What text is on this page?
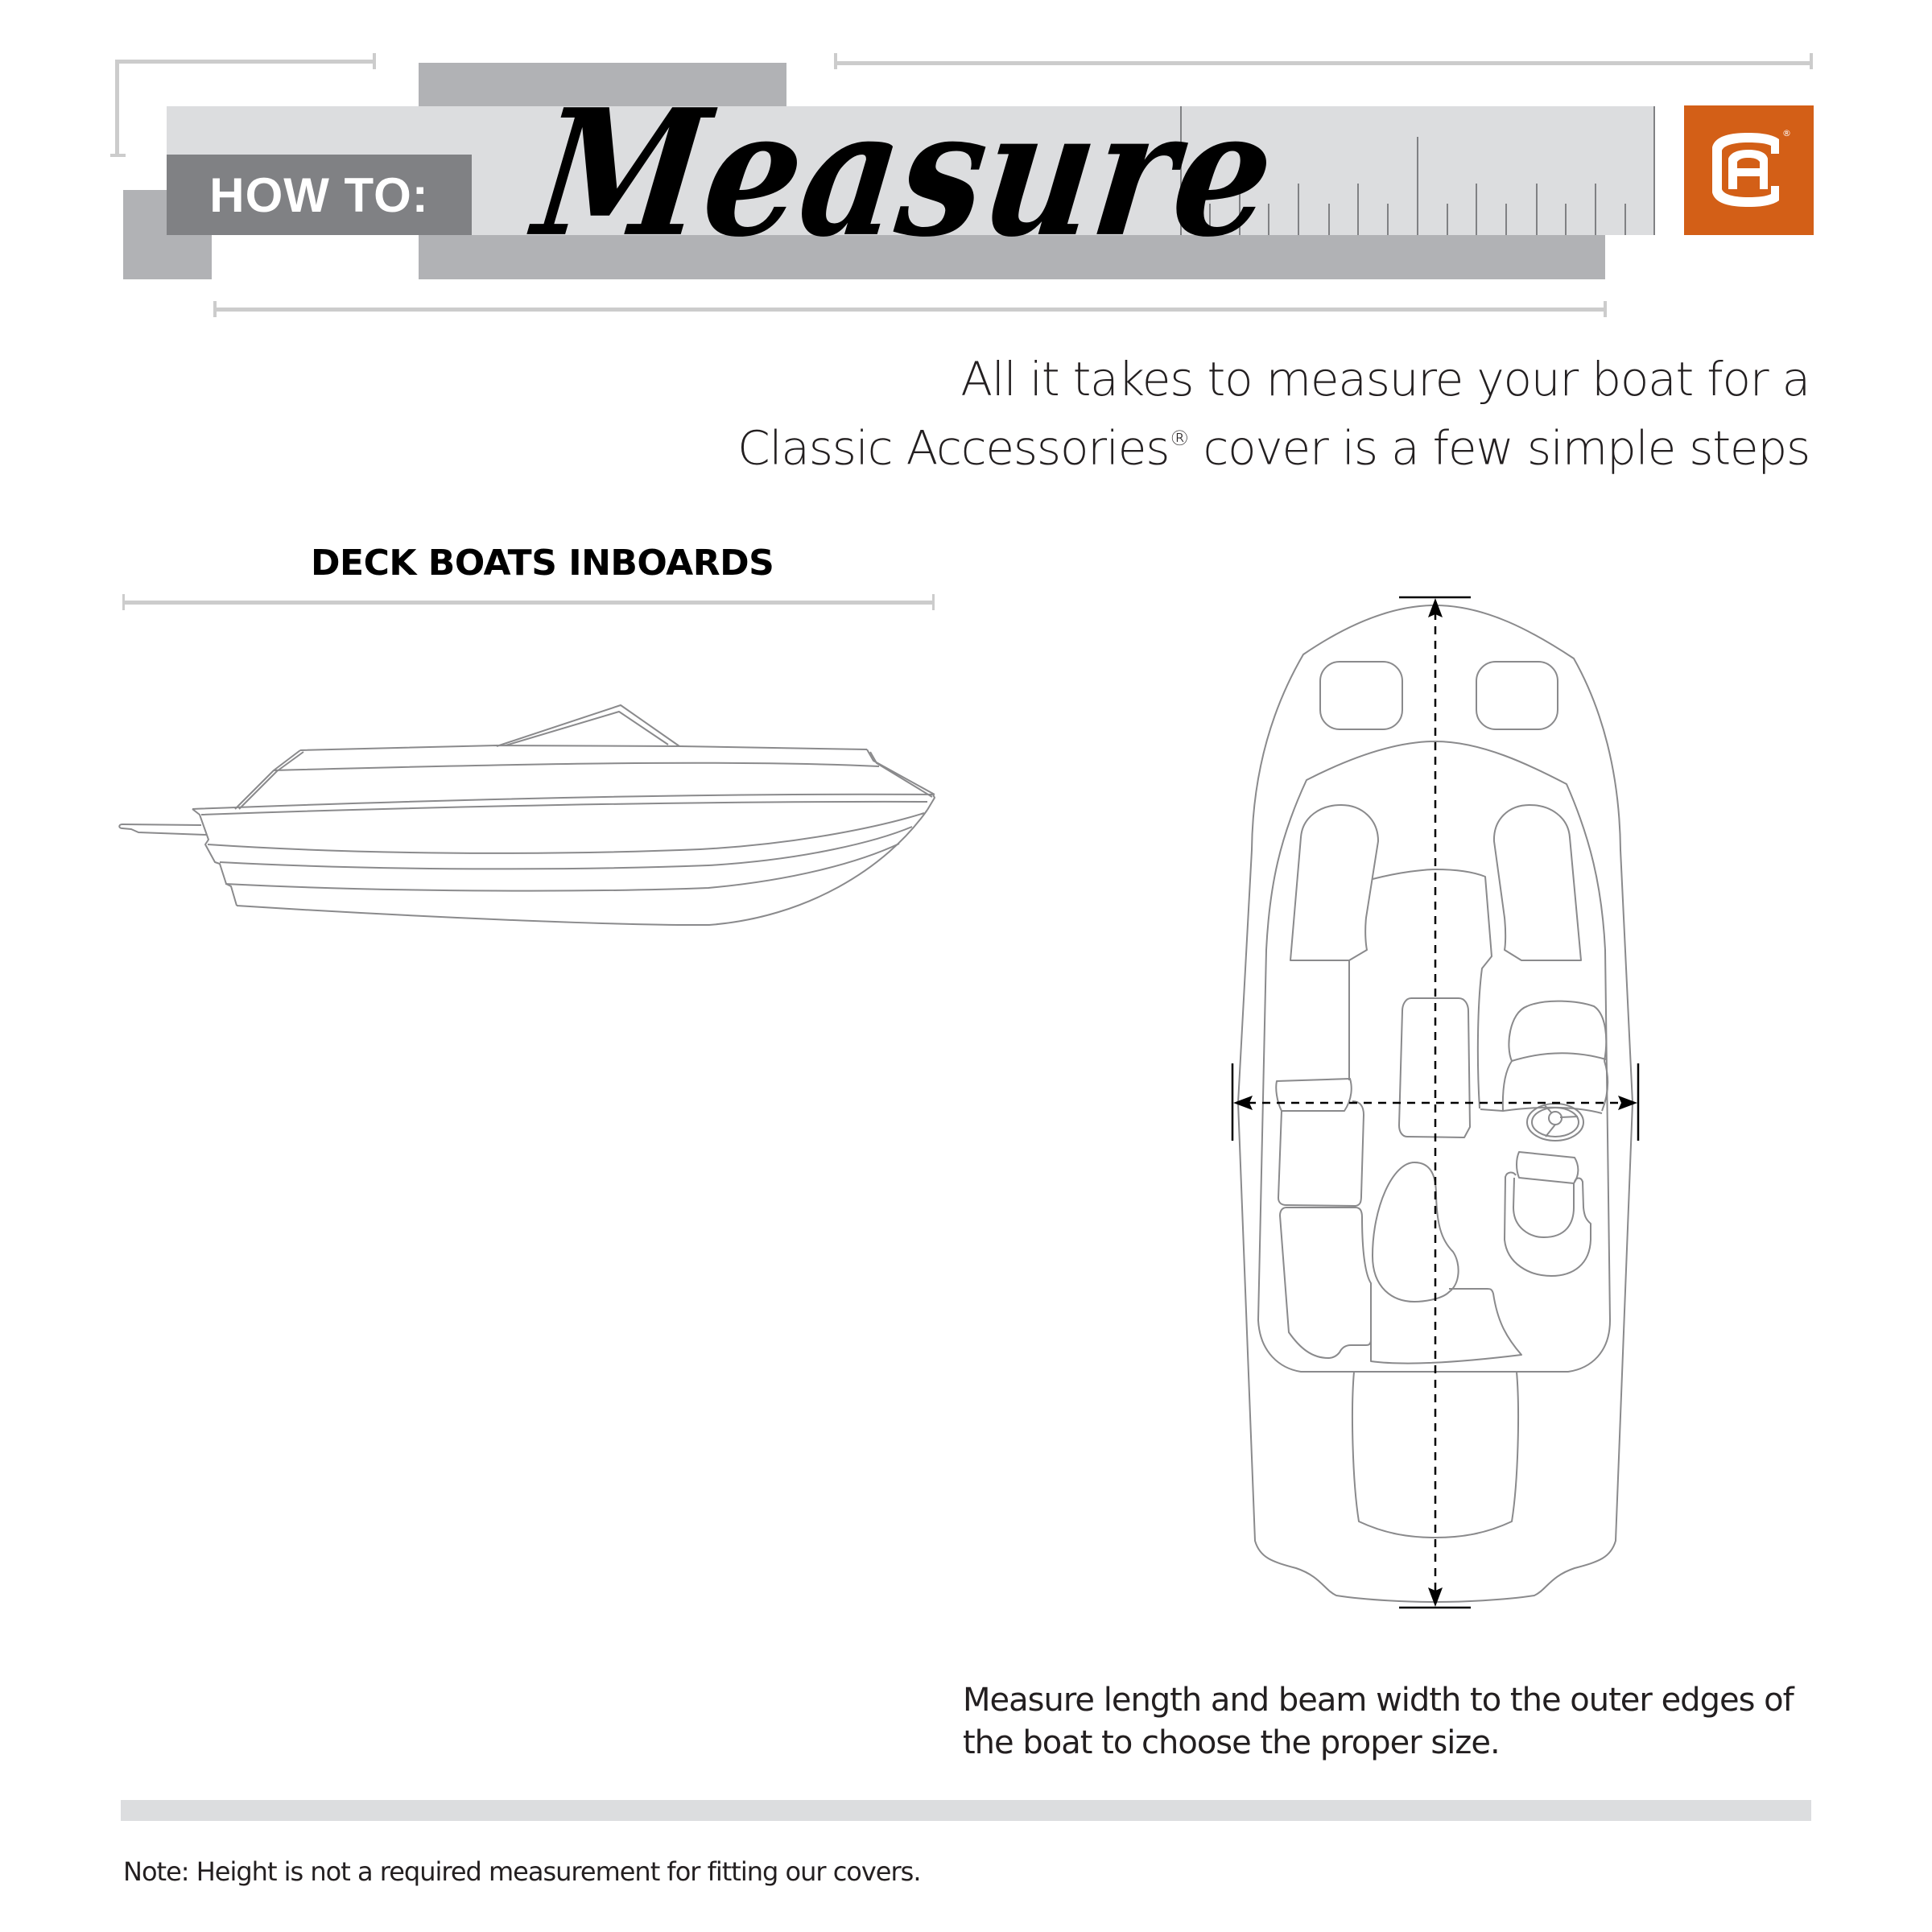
HOW TO: Measure	®
All it takes to measure your boat for a
Classic Accessories® cover is a few simple steps
DECK BOATS INBOARDS
Measure length and beam width to the outer edges of
the boat to choose the proper size.
Note: Height is not a required measurement for fitting our covers.
